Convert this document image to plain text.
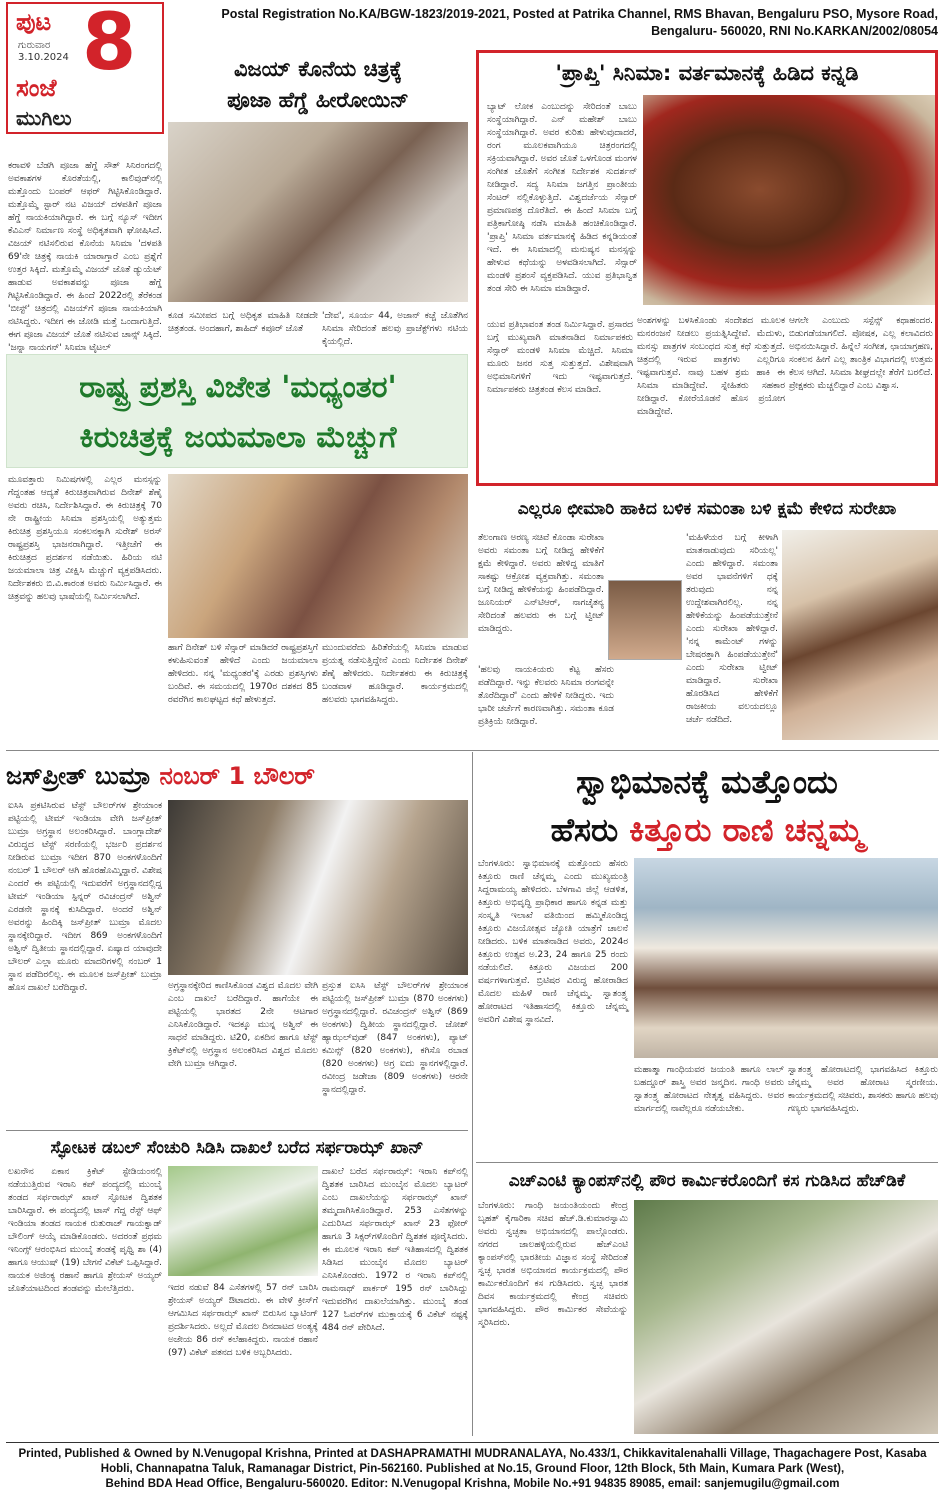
ಪುಟ
ಗುರುವಾರ
3.10.2024 8
ಸಂಜೆ
ಮುಗಿಲು
Postal Registration No.KA/BGW-1823/2019-2021, Posted at Patrika Channel, RMS Bhavan, Bengaluru PSO, Mysore Road,
Bengaluru- 560020, RNI No.KARKAN/2002/08054
ವಿಜಯ್ ಕೊನೆಯ ಚಿತ್ರಕ್ಕೆ
ಪೂಜಾ ಹೆಗ್ಡೆ ಹೀರೋಯಿನ್
ಕರಾವಳಿ ಬೆಡಗಿ ಪೂಜಾ ಹೆಗ್ಡೆ ಸೌತ್ ಸಿನಿರಂಗದಲ್ಲಿ ಅವಕಾಶಗಳ ಕೊರತೆಯಲ್ಲಿ, ಕಾಲಿವುಡ್‌ನಲ್ಲಿ ಮತ್ತೊಂದು ಬಂಪರ್ ಆಫರ್ ಗಿಟ್ಟಿಸಿಕೊಂಡಿದ್ದಾರೆ. ಮತ್ತೊಮ್ಮೆ ಸ್ಟಾರ್ ನಟ ವಿಜಯ್ ದಳಪತಿಗೆ ಪೂಜಾ ಹೆಗ್ಡೆ ನಾಯಕಿಯಾಗಿದ್ದಾರೆ. ಈ ಬಗ್ಗೆ ನ್ಯೂಸ್ ಇದೀಗ ಕೆವಿಎನ್ ನಿರ್ಮಾಣ ಸಂಸ್ಥೆ ಅಧಿಕೃತವಾಗಿ ಘೋಷಿಸಿದೆ. ವಿಜಯ್ ನಟಿಸಲಿರುವ ಕೊನೆಯ ಸಿನಿಮಾ 'ದಳಪತಿ 69'ನೇ ಚಿತ್ರಕ್ಕೆ ನಾಯಕಿ ಯಾರಾಗ್ತಾರೆ ಎಂಬ ಪ್ರಶ್ನೆಗೆ ಉತ್ತರ ಸಿಕ್ಕಿದೆ. ಮತ್ತೊಮ್ಮೆ ವಿಜಯ್ ಜೊತೆ ಡ್ಯುಯೆಟ್ ಹಾಡುವ ಅವಕಾಶವನ್ನು ಪೂಜಾ ಹೆಗ್ಡೆ ಗಿಟ್ಟಿಸಿಕೊಂಡಿದ್ದಾರೆ. ಈ ಹಿಂದೆ 2022ರಲ್ಲಿ ತೆರೆಕಂಡ 'ಬೀಸ್ಟ್' ಚಿತ್ರದಲ್ಲಿ ವಿಜಯ್‌ಗೆ ಪೂಜಾ ನಾಯಕಿಯಾಗಿ ನಟಿಸಿದ್ದರು. ಇದೀಗ ಈ ಜೋಡಿ ಮತ್ತೆ ಒಂದಾಗುತ್ತಿದೆ. ಈಗ ಪೂಜಾ ವಿಜಯ್ ಜೊತೆ ನಟಿಸುವ ಚಾನ್ಸ್ ಸಿಕ್ಕಿದೆ. 'ಜನ್ನಾ ನಾಯಗನ್' ಸಿನಿಮಾ ಟೈಟಲ್
ಕೂಡ ಸಮೀಪದ ಬಗ್ಗೆ ಅಧಿಕೃತ ಮಾಹಿತಿ ನೀಡದೇ ಚಿತ್ರತಂಡ. ಅಂದಹಾಗೆ, ಶಾಹಿದ್ ಕಪೂರ್ ಜೊತೆ
'ದೇವ', ಸೂರ್ಯ 44, ಅಜಾನ್ ಕಚ್ಚೆ ಜೊತೆಗಿನ ಸಿನಿಮಾ ಸೇರಿದಂತೆ ಹಲವು ಪ್ರಾಜೆಕ್ಟ್‌ಗಳು ನಟಿಯ ಕೈಯಲ್ಲಿದೆ.
'ಪ್ರಾಪ್ತಿ' ಸಿನಿಮಾ: ವರ್ತಮಾನಕ್ಕೆ ಹಿಡಿದ ಕನ್ನಡಿ
ಬ್ಯಾಟ್ ಲೋಕ ಎಂಬುದನ್ನು ಸೇರಿದಂತೆ ಬಾಬು ಸಂಸ್ಥೆಯಾಗಿದ್ದಾರೆ. ಎನ್ ಮಹೇಶ್ ಬಾಬು ಸಂಸ್ಥೆಯಾಗಿದ್ದಾರೆ. ಅವರ ಕುರಿತು ಹೇಳುವುದಾದರೆ, ರಂಗ ಮೂಲಕವಾಗಿಯೂ ಚಿತ್ರರಂಗದಲ್ಲಿ ಸಕ್ರಿಯವಾಗಿದ್ದಾರೆ. ಅವರ ಜೊತೆ ಒಳಗೊಂಡ ಮಂಗಳ ಸಂಗೀತ ಜೊತೆಗೆ ಸಂಗೀತ ನಿರ್ದೇಶಕ ಸುದರ್ಶನ್ ನೀಡಿದ್ದಾರೆ. ಸದ್ಯ ಸಿನಿಮಾ ಜಗತ್ತಿನ ಪ್ರಾಂತೀಯ ಸೆಂಟರ್ ನಲ್ಲಿಕೊಳ್ಳುತ್ತಿದೆ. ವಿಶ್ವದರ್ಜೆಯ ಸೆನ್ಸಾರ್ ಪ್ರಮಾಣಪತ್ರ ದೊರೆತಿದೆ. ಈ ಹಿಂದೆ ಸಿನಿಮಾ ಬಗ್ಗೆ ಪತ್ರಿಕಾಗೋಷ್ಠಿ ನಡೆಸಿ ಮಾಹಿತಿ ಹಂಚಿಕೊಂಡಿದ್ದಾರೆ. 'ಪ್ರಾಪ್ತಿ' ಸಿನಿಮಾ ವರ್ತಮಾನಕ್ಕೆ ಹಿಡಿದ ಕನ್ನಡಿಯಂತೆ ಇದೆ. ಈ ಸಿನಿಮಾದಲ್ಲಿ ಮನುಷ್ಯನ ಮನಸ್ಸನ್ನು ಹೇಳುವ ಕಥೆಯನ್ನು ಅಳವಡಿಸಲಾಗಿದೆ. ಸೆನ್ಸಾರ್ ಮಂಡಳಿ ಪ್ರಶಂಸೆ ವ್ಯಕ್ತಪಡಿಸಿದೆ. ಯುವ ಪ್ರತಿಭಾನ್ವಿತ ತಂಡ ಸೇರಿ ಈ ಸಿನಿಮಾ ಮಾಡಿದ್ದಾರೆ.
ಯುವ ಪ್ರತಿಭಾವಂತ ತಂಡ ನಿರ್ಮಿಸಿದ್ದಾರೆ. ಪ್ರಸಾರದ ಬಗ್ಗೆ ಮುಖ್ಯವಾಗಿ ಮಾತನಾಡಿದ ನಿರ್ಮಾಪಕರು ಸೆನ್ಸಾರ್ ಮಂಡಳಿ ಸಿನಿಮಾ ಮೆಚ್ಚಿದೆ. ಸಿನಿಮಾ ಮೂರು ಜನರ ಸುತ್ತ ಸುತ್ತುತ್ತದೆ. ವಿಶೇಷವಾಗಿ ಅಭಿಮಾನಿಗಳಿಗೆ ಇದು ಇಷ್ಟವಾಗುತ್ತದೆ. ನಿರ್ಮಾಪಕರು ಚಿತ್ರತಂಡ ಕೆಲಸ ಮಾಡಿದೆ.
ಅಂಶಗಳನ್ನು ಬಳಸಿಕೊಂಡು ಸಂದೇಶದ ಮೂಲಕ ಮನರಂಜನೆ ನೀಡಲು ಪ್ರಯತ್ನಿಸಿದ್ದೇವೆ. ಮೆದುಳು, ಮನಸ್ಸು ಪಾತ್ರಗಳ ಸಂಬಂಧದ ಸುತ್ತ ಕಥೆ ಸುತ್ತುತ್ತದೆ. ಚಿತ್ರದಲ್ಲಿ ಇರುವ ಪಾತ್ರಗಳು ಎಲ್ಲರಿಗೂ ಇಷ್ಟವಾಗುತ್ತವೆ. ನಾವು ಬಹಳ ಶ್ರಮ ಹಾಕಿ ಈ ಸಿನಿಮಾ ಮಾಡಿದ್ದೇವೆ. ಸ್ನೇಹಿತರು ಸಹಕಾರ ನೀಡಿದ್ದಾರೆ. ಕೋರೆಯೊಡನೆ ಹೊಸ ಪ್ರಯೋಗ ಮಾಡಿದ್ದೇವೆ.
ಆಗಲೇ ಎಂಬುದು ಸಸ್ಪೆನ್ಸ್ ಕಥಾಹಂದರ. ಬಿಡುಗಡೆಯಾಗಲಿದೆ. ಪೋಷಕ, ಎಲ್ಲ ಕಲಾವಿದರು ಅಭಿನಯಿಸಿದ್ದಾರೆ. ಹಿನ್ನೆಲೆ ಸಂಗೀತ, ಛಾಯಾಗ್ರಹಣ, ಸಂಕಲನ ಹೀಗೆ ಎಲ್ಲ ತಾಂತ್ರಿಕ ವಿಭಾಗದಲ್ಲಿ ಉತ್ತಮ ಕೆಲಸ ಆಗಿದೆ. ಸಿನಿಮಾ ಶೀಘ್ರದಲ್ಲೇ ತೆರೆಗೆ ಬರಲಿದೆ. ಪ್ರೇಕ್ಷಕರು ಮೆಚ್ಚಲಿದ್ದಾರೆ ಎಂಬ ವಿಶ್ವಾಸ.
ರಾಷ್ಟ್ರ ಪ್ರಶಸ್ತಿ ವಿಜೇತ 'ಮಧ್ಯಂತರ'
ಕಿರುಚಿತ್ರಕ್ಕೆ ಜಯಮಾಲಾ ಮೆಚ್ಚುಗೆ
ಮೂವತ್ತಾರು ನಿಮಿಷಗಳಲ್ಲಿ ಎಲ್ಲರ ಮನಸ್ಸನ್ನು ಗೆದ್ದಂತಹ ಆದ್ಯತೆ ಕಿರುಚಿತ್ರವಾಗಿರುವ ದಿನೇಶ್ ಶೆಣೈ ಅವರು ರಚಿಸಿ, ನಿರ್ದೇಶಿಸಿದ್ದಾರೆ. ಈ ಕಿರುಚಿತ್ರಕ್ಕೆ 70 ನೇ ರಾಷ್ಟ್ರೀಯ ಸಿನಿಮಾ ಪ್ರಶಸ್ತಿಯಲ್ಲಿ ಅತ್ಯುತ್ತಮ ಕಿರುಚಿತ್ರ ಪ್ರಶಸ್ತಿಯೂ ಸಂಕಲನಕ್ಕಾಗಿ ಸುರೇಶ್ ಅರಸ್ ರಾಷ್ಟ್ರಪ್ರಶಸ್ತಿ ಭಾಜನರಾಗಿದ್ದಾರೆ. ಇತ್ತೀಚೆಗೆ ಈ ಕಿರುಚಿತ್ರದ ಪ್ರದರ್ಶನ ನಡೆಯಿತು. ಹಿರಿಯ ನಟಿ ಜಯಮಾಲಾ ಚಿತ್ರ ವೀಕ್ಷಿಸಿ ಮೆಚ್ಚುಗೆ ವ್ಯಕ್ತಪಡಿಸಿದರು. ನಿರ್ದೇಶಕರು ಬಿ.ವಿ.ಕಾರಂತ ಅವರು ನಿರ್ಮಿಸಿದ್ದಾರೆ. ಈ ಚಿತ್ರವನ್ನು ಹಲವು ಭಾಷೆಯಲ್ಲಿ ನಿರ್ಮಿಸಲಾಗಿದೆ.
ಹಾಗೆ ದಿನೇಶ್ ಬಳಿ ಸೆನ್ಸಾರ್ ಮಾಡಿದರೆ ರಾಷ್ಟ್ರಪ್ರಶಸ್ತಿಗೆ ಕಳುಹಿಸುವಂತೆ ಹೇಳಿದೆ ಎಂದು ಜಯಮಾಲಾ ಹೇಳಿದರು. ನನ್ನ 'ಮಧ್ಯಂತರ'ಕ್ಕೆ ಎರಡು ಪ್ರಶಸ್ತಿಗಳು ಬಂದಿವೆ. ಈ ಸಮಯದಲ್ಲಿ 1970ರ ದಶಕದ 85 ರವರೆಗಿನ ಕಾಲಘಟ್ಟದ ಕಥೆ ಹೇಳುತ್ತದೆ.
ಮುಂದುವರೆದು ಹಿರಿತೆರೆಯಲ್ಲಿ ಸಿನಿಮಾ ಮಾಡುವ ಪ್ರಯತ್ನ ನಡೆಸುತ್ತಿದ್ದೇನೆ ಎಂದು ನಿರ್ದೇಶಕ ದಿನೇಶ್ ಶೆಣೈ ಹೇಳಿದರು. ನಿರ್ದೇಶಕರು ಈ ಕಿರುಚಿತ್ರಕ್ಕೆ ಬಂಡವಾಳ ಹೂಡಿದ್ದಾರೆ. ಕಾರ್ಯಕ್ರಮದಲ್ಲಿ ಹಲವರು ಭಾಗವಹಿಸಿದ್ದರು.
ಎಲ್ಲರೂ ಛೀಮಾರಿ ಹಾಕಿದ ಬಳಿಕ ಸಮಂತಾ ಬಳಿ ಕ್ಷಮೆ ಕೇಳಿದ ಸುರೇಖಾ
ತೆಲಂಗಾಣ ಅರಣ್ಯ ಸಚಿವೆ ಕೊಂಡಾ ಸುರೇಖಾ ಅವರು ಸಮಂತಾ ಬಗ್ಗೆ ನೀಡಿದ್ದ ಹೇಳಿಕೆಗೆ ಕ್ಷಮೆ ಕೇಳಿದ್ದಾರೆ. ಅವರು ಹೇಳಿದ್ದ ಮಾತಿಗೆ ಸಾಕಷ್ಟು ಆಕ್ರೋಶ ವ್ಯಕ್ತವಾಗಿತ್ತು. ಸಮಂತಾ ಬಗ್ಗೆ ನೀಡಿದ್ದ ಹೇಳಿಕೆಯನ್ನು ಹಿಂಪಡೆದಿದ್ದಾರೆ. ಜೂನಿಯರ್ ಎನ್‌ಟಿಆರ್, ನಾಗಚೈತನ್ಯ ಸೇರಿದಂತೆ ಹಲವರು ಈ ಬಗ್ಗೆ ಟ್ವೀಟ್ ಮಾಡಿದ್ದರು.
'ಹಲವು ನಾಯಕಿಯರು ಕೆಟ್ಟ ಹೆಸರು ಪಡೆದಿದ್ದಾರೆ. ಇನ್ನು ಕೆಲವರು ಸಿನಿಮಾ ರಂಗವನ್ನೇ ತೊರೆದಿದ್ದಾರೆ' ಎಂದು ಹೇಳಿಕೆ ನೀಡಿದ್ದರು. ಇದು ಭಾರೀ ಚರ್ಚೆಗೆ ಕಾರಣವಾಗಿತ್ತು. ಸಮಂತಾ ಕೂಡ ಪ್ರತಿಕ್ರಿಯೆ ನೀಡಿದ್ದಾರೆ.
'ಮಹಿಳೆಯರ ಬಗ್ಗೆ ಕೀಳಾಗಿ ಮಾತನಾಡುವುದು ಸರಿಯಲ್ಲ' ಎಂದು ಹೇಳಿದ್ದಾರೆ. ಸಮಂತಾ ಅವರ ಭಾವನೆಗಳಿಗೆ ಧಕ್ಕೆ ತರುವುದು ನನ್ನ ಉದ್ದೇಶವಾಗಿರಲಿಲ್ಲ. ನನ್ನ ಹೇಳಿಕೆಯನ್ನು ಹಿಂಪಡೆಯುತ್ತೇನೆ ಎಂದು ಸುರೇಖಾ ಹೇಳಿದ್ದಾರೆ. 'ನನ್ನ ಕಾಮೆಂಟ್ ಗಳನ್ನು ಬೇಷರತ್ತಾಗಿ ಹಿಂಪಡೆಯುತ್ತೇನೆ' ಎಂದು ಸುರೇಖಾ ಟ್ವೀಟ್ ಮಾಡಿದ್ದಾರೆ. ಸುರೇಖಾ ಹೊರಡಿಸಿದ ಹೇಳಿಕೆಗೆ ರಾಜಕೀಯ ವಲಯದಲ್ಲೂ ಚರ್ಚೆ ನಡೆದಿದೆ.
ಜಸ್‌ಪ್ರೀತ್ ಬುಮ್ರಾ ನಂಬರ್ 1 ಬೌಲರ್
ಐಸಿಸಿ ಪ್ರಕಟಿಸಿರುವ ಟೆಸ್ಟ್ ಬೌಲರ್‌ಗಳ ಶ್ರೇಯಾಂಕ ಪಟ್ಟಿಯಲ್ಲಿ ಟೀಮ್ ಇಂಡಿಯಾ ವೇಗಿ ಜಸ್‌ಪ್ರೀತ್ ಬುಮ್ರಾ ಅಗ್ರಸ್ಥಾನ ಅಲಂಕರಿಸಿದ್ದಾರೆ. ಬಾಂಗ್ಲಾದೇಶ್ ವಿರುದ್ಧದ ಟೆಸ್ಟ್ ಸರಣಿಯಲ್ಲಿ ಭರ್ಜರಿ ಪ್ರದರ್ಶನ ನೀಡಿರುವ ಬುಮ್ರಾ ಇದೀಗ 870 ಅಂಕಗಳೊಂದಿಗೆ ನಂಬರ್ 1 ಬೌಲರ್ ಆಗಿ ಹೊರಹೊಮ್ಮಿದ್ದಾರೆ. ವಿಶೇಷ ಎಂದರೆ ಈ ಪಟ್ಟಿಯಲ್ಲಿ ಇದುವರೆಗೆ ಅಗ್ರಸ್ಥಾನದಲ್ಲಿದ್ದ ಟೀಮ್ ಇಂಡಿಯಾ ಸ್ಪಿನ್ನರ್ ರವಿಚಂದ್ರನ್ ಅಶ್ವಿನ್ ಎರಡನೇ ಸ್ಥಾನಕ್ಕೆ ಕುಸಿದಿದ್ದಾರೆ. ಅಂದರೆ ಅಶ್ವಿನ್ ಅವರನ್ನು ಹಿಂದಿಕ್ಕಿ ಜಸ್‌ಪ್ರೀತ್ ಬುಮ್ರಾ ಮೊದಲ ಸ್ಥಾನಕ್ಕೇರಿದ್ದಾರೆ. ಇದೀಗ 869 ಅಂಕಗಳೊಂದಿಗೆ ಅಶ್ವಿನ್ ದ್ವಿತೀಯ ಸ್ಥಾನದಲ್ಲಿದ್ದಾರೆ. ಏಷ್ಯಾದ ಯಾವುದೇ ಬೌಲರ್ ಎಲ್ಲಾ ಮೂರು ಮಾದರಿಗಳಲ್ಲಿ ನಂಬರ್ 1 ಸ್ಥಾನ ಪಡೆದಿರಲಿಲ್ಲ. ಈ ಮೂಲಕ ಜಸ್‌ಪ್ರೀತ್ ಬುಮ್ರಾ ಹೊಸ ದಾಖಲೆ ಬರೆದಿದ್ದಾರೆ.	ಅಗ್ರಸ್ಥಾನಕ್ಕೇರಿದ ಕಾಣಿಸಿಕೊಂಡ ವಿಶ್ವದ ಮೊದಲ ವೇಗಿ ಎಂಬ ದಾಖಲೆ ಬರೆದಿದ್ದಾರೆ. ಹಾಗೆಯೇ ಈ ಪಟ್ಟಿಯಲ್ಲಿ ಭಾರತದ 2ನೇ ಆಟಗಾರ ಎನಿಸಿಕೊಂಡಿದ್ದಾರೆ. ಇದಕ್ಕೂ ಮುನ್ನ ಅಶ್ವಿನ್ ಈ ಸಾಧನೆ ಮಾಡಿದ್ದರು. ಟಿ20, ಏಕದಿನ ಹಾಗೂ ಟೆಸ್ಟ್ ಕ್ರಿಕೆಟ್‌ನಲ್ಲಿ ಅಗ್ರಸ್ಥಾನ ಅಲಂಕರಿಸಿದ ವಿಶ್ವದ ಮೊದಲ ವೇಗಿ ಬುಮ್ರಾ ಆಗಿದ್ದಾರೆ.
ಪ್ರಸ್ತುತ ಐಸಿಸಿ ಟೆಸ್ಟ್ ಬೌಲರ್‌ಗಳ ಶ್ರೇಯಾಂಕ ಪಟ್ಟಿಯಲ್ಲಿ ಜಸ್‌ಪ್ರೀತ್ ಬುಮ್ರಾ (870 ಅಂಕಗಳು) ಅಗ್ರಸ್ಥಾನದಲ್ಲಿದ್ದಾರೆ. ರವಿಚಂದ್ರನ್ ಅಶ್ವಿನ್ (869 ಅಂಕಗಳು) ದ್ವಿತೀಯ ಸ್ಥಾನದಲ್ಲಿದ್ದಾರೆ. ಜೋಶ್ ಹ್ಯಾಝಲ್‌ವುಡ್ (847 ಅಂಕಗಳು), ಪ್ಯಾಟ್ ಕಮಿನ್ಸ್ (820 ಅಂಕಗಳು), ಕಗಿಸೊ ರಬಾಡ (820 ಅಂಕಗಳು) ಅಗ್ರ ಐದು ಸ್ಥಾನಗಳಲ್ಲಿದ್ದಾರೆ. ರವೀಂದ್ರ ಜಡೇಜಾ (809 ಅಂಕಗಳು) ಆರನೇ ಸ್ಥಾನದಲ್ಲಿದ್ದಾರೆ.
ಸ್ಫೋಟಕ ಡಬಲ್ ಸೆಂಚುರಿ ಸಿಡಿಸಿ ದಾಖಲೆ ಬರೆದ ಸರ್ಫರಾಝ್ ಖಾನ್
ಲಖನೌನ ಏಕಾನ ಕ್ರಿಕೆಟ್ ಸ್ಟೇಡಿಯಂನಲ್ಲಿ ನಡೆಯುತ್ತಿರುವ ಇರಾನಿ ಕಪ್ ಪಂದ್ಯದಲ್ಲಿ ಮುಂಬೈ ತಂಡದ ಸರ್ಫರಾಝ್ ಖಾನ್ ಸ್ಫೋಟಕ ದ್ವಿಶತಕ ಬಾರಿಸಿದ್ದಾರೆ. ಈ ಪಂದ್ಯದಲ್ಲಿ ಟಾಸ್ ಗೆದ್ದ ರೆಸ್ಟ್ ಆಫ್ ಇಂಡಿಯಾ ತಂಡದ ನಾಯಕ ರುತುರಾಜ್ ಗಾಯಕ್ವಾಡ್ ಬೌಲಿಂಗ್ ಆಯ್ಕೆ ಮಾಡಿಕೊಂಡರು. ಅದರಂತೆ ಪ್ರಥಮ ಇನಿಂಗ್ಸ್ ಆರಂಭಿಸಿದ ಮುಂಬೈ ತಂಡಕ್ಕೆ ಪೃಥ್ವಿ ಶಾ (4) ಹಾಗೂ ಆಯುಷ್ (19) ಬೇಗನೆ ವಿಕೆಟ್ ಒಪ್ಪಿಸಿದ್ದಾರೆ. ನಾಯಕ ಅಜಿಂಕ್ಯ ರಹಾನೆ ಹಾಗೂ ಶ್ರೇಯಸ್ ಅಯ್ಯರ್ ಜೊತೆಯಾಟದಿಂದ ತಂಡವನ್ನು ಮೇಲೆತ್ತಿದರು.	ಇದರ ನಡುವೆ 84 ಎಸೆತಗಳಲ್ಲಿ 57 ರನ್ ಬಾರಿಸಿ ಶ್ರೇಯಸ್ ಅಯ್ಯರ್ ಔಟಾದರು. ಈ ವೇಳೆ ಕ್ರೀಸ್‌ಗೆ ಆಗಮಿಸಿದ ಸರ್ಫರಾಝ್ ಖಾನ್ ಬಿರುಸಿನ ಬ್ಯಾಟಿಂಗ್ ಪ್ರದರ್ಶಿಸಿದರು. ಅಲ್ಲದೆ ಮೊದಲ ದಿನದಾಟದ ಅಂತ್ಯಕ್ಕೆ ಅಜೇಯ 86 ರನ್ ಕಲೆಹಾಕಿದ್ದರು. ನಾಯಕ ರಹಾನೆ (97) ವಿಕೆಟ್ ಪತನದ ಬಳಿಕ ಅಬ್ಬರಿಸಿದರು.
ದಾಖಲೆ ಬರೆದ ಸರ್ಫರಾಝ್: ಇರಾನಿ ಕಪ್‌ನಲ್ಲಿ ದ್ವಿಶತಕ ಬಾರಿಸಿದ ಮುಂಬೈನ ಮೊದಲ ಬ್ಯಾಟರ್ ಎಂಬ ದಾಖಲೆಯನ್ನು ಸರ್ಫರಾಝ್ ಖಾನ್ ತಮ್ಮದಾಗಿಸಿಕೊಂಡಿದ್ದಾರೆ. 253 ಎಸೆತಗಳನ್ನು ಎದುರಿಸಿದ ಸರ್ಫರಾಝ್ ಖಾನ್ 23 ಫೋರ್ ಹಾಗೂ 3 ಸಿಕ್ಸರ್‌ಗಳೊಂದಿಗೆ ದ್ವಿಶತಕ ಪೂರೈಸಿದರು. ಈ ಮೂಲಕ ಇರಾನಿ ಕಪ್ ಇತಿಹಾಸದಲ್ಲಿ ದ್ವಿಶತಕ ಸಿಡಿಸಿದ ಮುಂಬೈನ ಮೊದಲ ಬ್ಯಾಟರ್ ಎನಿಸಿಕೊಂಡರು. 1972 ರ ಇರಾನಿ ಕಪ್‌ನಲ್ಲಿ ರಾಮನಾಥ್ ಪಾರ್ಕರ್ 195 ರನ್ ಬಾರಿಸಿದ್ದು ಇದುವರೆಗಿನ ದಾಖಲೆಯಾಗಿತ್ತು. ಮುಂಬೈ ತಂಡ 127 ಓವರ್‌ಗಳ ಮುಕ್ತಾಯಕ್ಕೆ 6 ವಿಕೆಟ್ ನಷ್ಟಕ್ಕೆ 484 ರನ್ ಪೇರಿಸಿದೆ.
ಸ್ವಾಭಿಮಾನಕ್ಕೆ ಮತ್ತೊಂದು
ಹೆಸರು ಕಿತ್ತೂರು ರಾಣಿ ಚನ್ನಮ್ಮ
ಬೆಂಗಳೂರು: ಸ್ವಾಭಿಮಾನಕ್ಕೆ ಮತ್ತೊಂದು ಹೆಸರು ಕಿತ್ತೂರು ರಾಣಿ ಚೆನ್ನಮ್ಮ ಎಂದು ಮುಖ್ಯಮಂತ್ರಿ ಸಿದ್ದರಾಮಯ್ಯ ಹೇಳಿದರು. ಬೆಳಗಾವಿ ಜಿಲ್ಲೆ ಆಡಳಿತ, ಕಿತ್ತೂರು ಅಭಿವೃದ್ಧಿ ಪ್ರಾಧಿಕಾರ ಹಾಗೂ ಕನ್ನಡ ಮತ್ತು ಸಂಸ್ಕೃತಿ ಇಲಾಖೆ ವತಿಯಿಂದ ಹಮ್ಮಿಕೊಂಡಿದ್ದ ಕಿತ್ತೂರು ವಿಜಯೋತ್ಸವ ಜ್ಯೋತಿ ಯಾತ್ರೆಗೆ ಚಾಲನೆ ನೀಡಿದರು. ಬಳಿಕ ಮಾತನಾಡಿದ ಅವರು, 2024ರ ಕಿತ್ತೂರು ಉತ್ಸವ ಅ.23, 24 ಹಾಗೂ 25 ರಂದು ನಡೆಯಲಿದೆ. ಕಿತ್ತೂರು ವಿಜಯದ 200 ವರ್ಷಗಳಾಗುತ್ತವೆ. ಬ್ರಿಟಿಷರ ವಿರುದ್ಧ ಹೋರಾಡಿದ ಮೊದಲ ಮಹಿಳೆ ರಾಣಿ ಚೆನ್ನಮ್ಮ. ಸ್ವಾತಂತ್ರ್ಯ ಹೋರಾಟದ ಇತಿಹಾಸದಲ್ಲಿ ಕಿತ್ತೂರು ಚೆನ್ನಮ್ಮ ಅವರಿಗೆ ವಿಶೇಷ ಸ್ಥಾನವಿದೆ.
ಮಹಾತ್ಮಾ ಗಾಂಧಿಯವರ ಜಯಂತಿ ಹಾಗೂ ಲಾಲ್ ಬಹದ್ದೂರ್ ಶಾಸ್ತ್ರಿ ಅವರ ಜನ್ಮದಿನ. ಗಾಂಧಿ ಅವರು ಸ್ವಾತಂತ್ರ್ಯ ಹೋರಾಟದ ನೇತೃತ್ವ ವಹಿಸಿದ್ದರು. ಅವರ ಮಾರ್ಗದಲ್ಲಿ ನಾವೆಲ್ಲರೂ ನಡೆಯಬೇಕು.
ಸ್ವಾತಂತ್ರ್ಯ ಹೋರಾಟದಲ್ಲಿ ಭಾಗವಹಿಸಿದ ಕಿತ್ತೂರು ಚೆನ್ನಮ್ಮ ಅವರ ಹೋರಾಟ ಸ್ಮರಣೀಯ. ಕಾರ್ಯಕ್ರಮದಲ್ಲಿ ಸಚಿವರು, ಶಾಸಕರು ಹಾಗೂ ಹಲವು ಗಣ್ಯರು ಭಾಗವಹಿಸಿದ್ದರು.
ಎಚ್‌ಎಂಟಿ ಕ್ಯಾಂಪಸ್‌ನಲ್ಲಿ ಪೌರ ಕಾರ್ಮಿಕರೊಂದಿಗೆ ಕಸ ಗುಡಿಸಿದ ಹೆಚ್‌ಡಿಕೆ
ಬೆಂಗಳೂರು: ಗಾಂಧಿ ಜಯಂತಿಯಂದು ಕೇಂದ್ರ ಬೃಹತ್ ಕೈಗಾರಿಕಾ ಸಚಿವ ಹೆಚ್.ಡಿ.ಕುಮಾರಸ್ವಾಮಿ ಅವರು ಸ್ವಚ್ಛತಾ ಅಭಿಯಾನದಲ್ಲಿ ಪಾಲ್ಗೊಂಡರು. ನಗರದ ಜಾಲಹಳ್ಳಿಯಲ್ಲಿರುವ ಹೆಚ್‌ಎಂಟಿ ಕ್ಯಾಂಪಸ್‌ನಲ್ಲಿ ಭಾರತೀಯ ವಿಜ್ಞಾನ ಸಂಸ್ಥೆ ಸೇರಿದಂತೆ ಸ್ವಚ್ಛ ಭಾರತ ಅಭಿಯಾನದ ಕಾರ್ಯಕ್ರಮದಲ್ಲಿ ಪೌರ ಕಾರ್ಮಿಕರೊಂದಿಗೆ ಕಸ ಗುಡಿಸಿದರು. ಸ್ವಚ್ಛ ಭಾರತ ದಿವಸ ಕಾರ್ಯಕ್ರಮದಲ್ಲಿ ಕೇಂದ್ರ ಸಚಿವರು ಭಾಗವಹಿಸಿದ್ದರು. ಪೌರ ಕಾರ್ಮಿಕರ ಸೇವೆಯನ್ನು ಸ್ಮರಿಸಿದರು.
Printed, Published & Owned by N.Venugopal Krishna, Printed at DASHAPRAMATHI MUDRANALAYA, No.433/1, Chikkavitalenahalli Village, Thagachagere Post, Kasaba
Hobli, Channapatna Taluk, Ramanagar District, Pin-562160. Published at No.15, Ground Floor, 12th Block, 5th Main, Kumara Park (West),
Behind BDA Head Office, Bengaluru-560020. Editor: N.Venugopal Krishna, Mobile No.+91 94835 89085, email: sanjemugilu@gmail.com
